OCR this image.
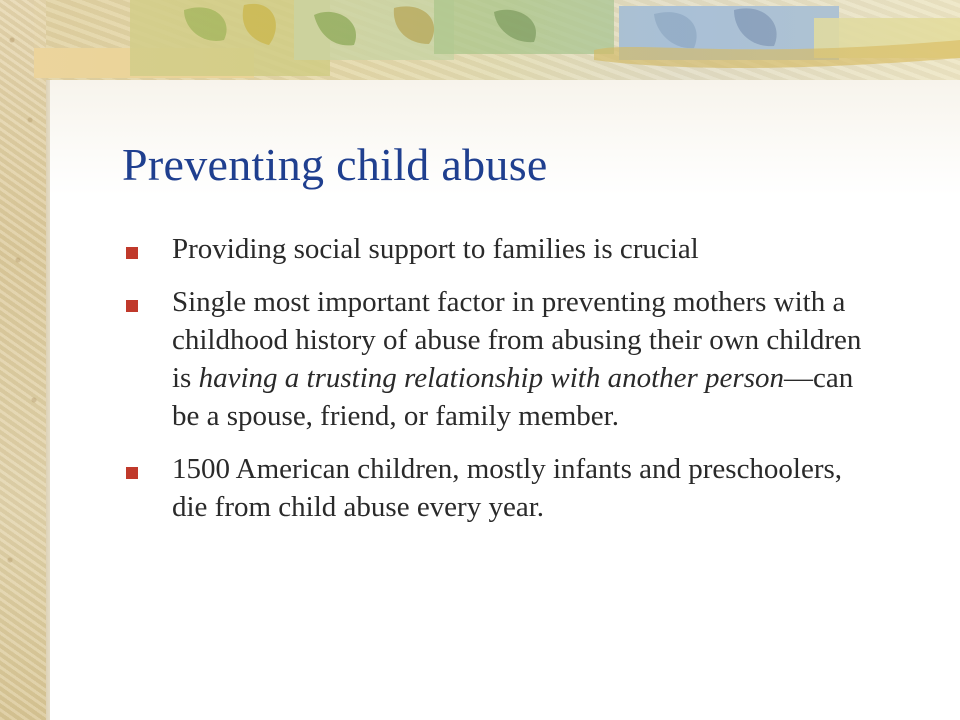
Preventing child abuse
Providing social support to families is crucial
Single most important factor in preventing mothers with a childhood history of abuse from abusing their own children is having a trusting relationship with another person—can be a spouse, friend, or family member.
1500 American children, mostly infants and preschoolers, die from child abuse every year.
